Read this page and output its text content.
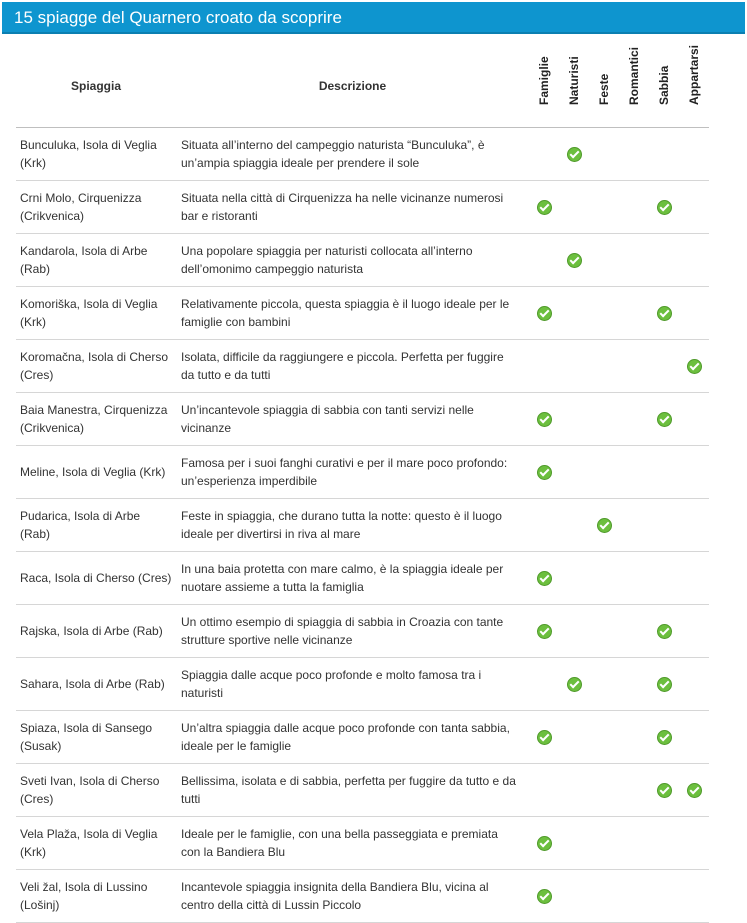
15 spiagge del Quarnero croato da scoprire
Spiaggia	Descrizione	Famiglie	Naturisti	Feste	Romantici	Sabbia	Appartarsi

Bunculuka, Isola di Veglia (Krk)	Situata all’interno del campeggio naturista “Bunculuka”, è un’ampia spiaggia ideale per prendere il sole						
Crni Molo, Cirquenizza (Crikvenica)	Situata nella città di Cirquenizza ha nelle vicinanze numerosi bar e ristoranti						
Kandarola, Isola di Arbe (Rab)	Una popolare spiaggia per naturisti collocata all’interno dell’omonimo campeggio naturista						
Komoriška, Isola di Veglia (Krk)	Relativamente piccola, questa spiaggia è il luogo ideale per le famiglie con bambini						
Koromačna, Isola di Cherso (Cres)	Isolata, difficile da raggiungere e piccola. Perfetta per fuggire da tutto e da tutti						
Baia Manestra, Cirquenizza (Crikvenica)	Un’incantevole spiaggia di sabbia con tanti servizi nelle vicinanze						
Meline, Isola di Veglia (Krk)	Famosa per i suoi fanghi curativi e per il mare poco profondo: un’esperienza imperdibile						
Pudarica, Isola di Arbe (Rab)	Feste in spiaggia, che durano tutta la notte: questo è il luogo ideale per divertirsi in riva al mare						
Raca, Isola di Cherso (Cres)	In una baia protetta con mare calmo, è la spiaggia ideale per nuotare assieme a tutta la famiglia						
Rajska, Isola di Arbe (Rab)	Un ottimo esempio di spiaggia di sabbia in Croazia con tante strutture sportive nelle vicinanze						
Sahara, Isola di Arbe (Rab)	Spiaggia dalle acque poco profonde e molto famosa tra i naturisti						
Spiaza, Isola di Sansego (Susak)	Un’altra spiaggia dalle acque poco profonde con tanta sabbia, ideale per le famiglie						
Sveti Ivan, Isola di Cherso (Cres)	Bellissima, isolata e di sabbia, perfetta per fuggire da tutto e da tutti						
Vela Plaža, Isola di Veglia (Krk)	Ideale per le famiglie, con una bella passeggiata e premiata con la Bandiera Blu						
Veli žal, Isola di Lussino (Lošinj)	Incantevole spiaggia insignita della Bandiera Blu, vicina al centro della città di Lussin Piccolo						
